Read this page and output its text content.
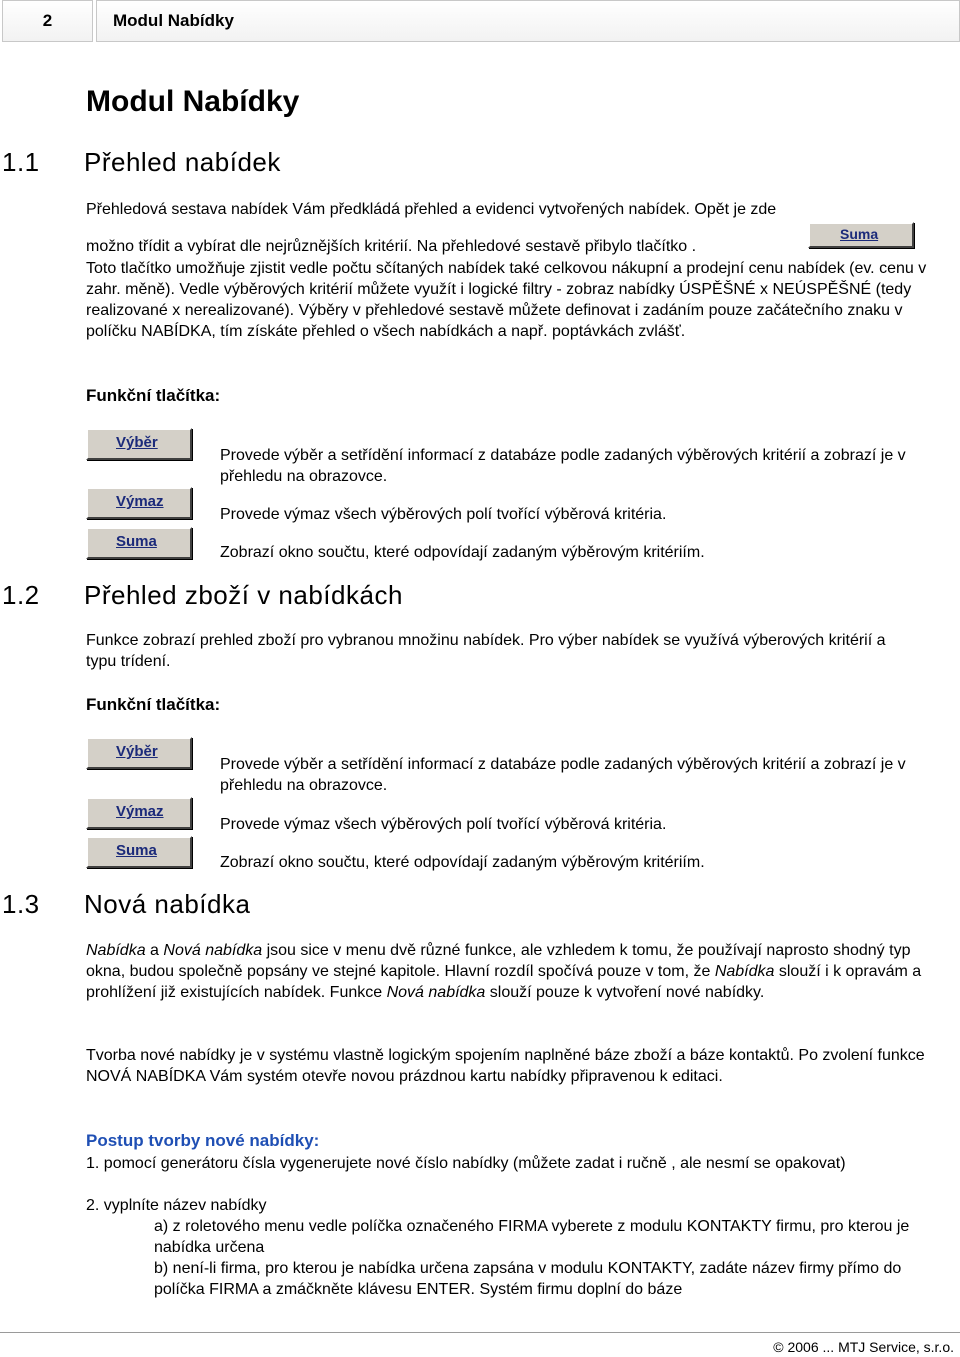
2	Modul Nabídky
Modul Nabídky
1.1 Přehled nabídek

Přehledová sestava nabídek Vám předkládá přehled a evidenci vytvořených nabídek. Opět je zde

možno třídit a vybírat dle nejrůznějších kritérií. Na přehledové sestavě přibylo tlačítko .

Suma

Toto tlačítko umožňuje zjistit vedle počtu sčítaných nabídek také celkovou nákupní a prodejní cenu nabídek (ev. cenu v zahr. měně). Vedle výběrových kritérií můžete využít i logické filtry - zobraz nabídky ÚSPĚŠNÉ x NEÚSPĚŠNÉ (tedy realizované x nerealizované). Výběry v přehledové sestavě můžete definovat i zadáním pouze začátečního znaku v políčku NABÍDKA, tím získáte přehled o všech nabídkách a např. poptávkách zvlášť.

Funkční tlačítka:

Výběr

Provede výběr a setřídění informací z databáze podle zadaných výběrových kritérií a zobrazí je v přehledu na obrazovce.

Výmaz

Provede výmaz všech výběrových polí tvořící výběrová kritéria.

Suma

Zobrazí okno součtu, které odpovídají zadaným výběrovým kritériím.

1.2 Přehled zboží v nabídkách

Funkce zobrazí prehled zboží pro vybranou množinu nabídek. Pro výber nabídek se využívá výberových kritérií a typu trídení.

Funkční tlačítka:

Výběr

Provede výběr a setřídění informací z databáze podle zadaných výběrových kritérií a zobrazí je v přehledu na obrazovce.

Výmaz

Provede výmaz všech výběrových polí tvořící výběrová kritéria.

Suma

Zobrazí okno součtu, které odpovídají zadaným výběrovým kritériím.

1.3 Nová nabídka

Nabídka a Nová nabídka jsou sice v menu dvě různé funkce, ale vzhledem k tomu, že používají naprosto shodný typ okna, budou společně popsány ve stejné kapitole. Hlavní rozdíl spočívá pouze v tom, že Nabídka slouží i k opravám a prohlížení již existujících nabídek. Funkce Nová nabídka slouží pouze k vytvoření nové nabídky.

Tvorba nové nabídky je v systému vlastně logickým spojením naplněné báze zboží a báze kontaktů. Po zvolení funkce NOVÁ NABÍDKA Vám systém otevře novou prázdnou kartu nabídky připravenou k editaci.

Postup tvorby nové nabídky:

1. pomocí generátoru čísla vygenerujete nové číslo nabídky (můžete zadat i ručně , ale nesmí se opakovat)

2. vyplníte název nabídky

a) z roletového menu vedle políčka označeného FIRMA vyberete z modulu KONTAKTY firmu, pro kterou je nabídka určena

b) není-li firma, pro kterou je nabídka určena zapsána v modulu KONTAKTY, zadáte název firmy přímo do políčka FIRMA a zmáčkněte klávesu ENTER. Systém firmu doplní do báze

© 2006 ... MTJ Service, s.r.o.
